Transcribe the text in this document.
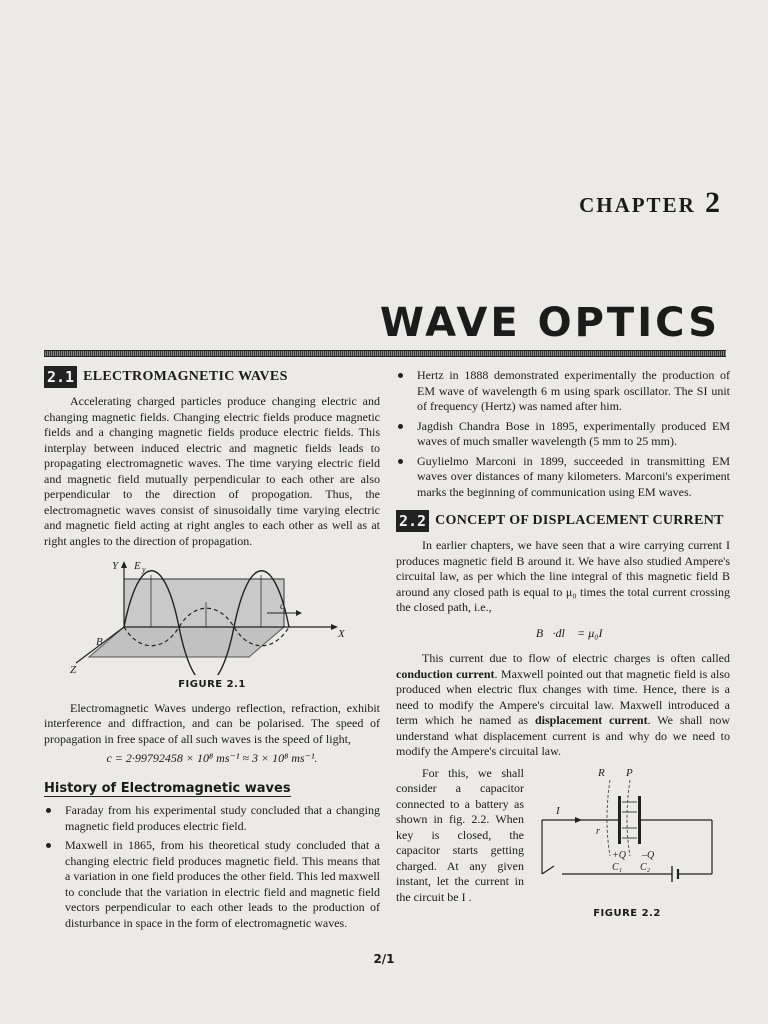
CHAPTER 2
WAVE OPTICS
2.1 ELECTROMAGNETIC WAVES

Accelerating charged particles produce changing electric and changing magnetic fields. Changing electric fields produce magnetic fields and a changing magnetic fields produce electric fields. This interplay between induced electric and magnetic fields leads to propagating electromagnetic waves. The time varying electric field and magnetic field mutually perpendicular to each other are also perpendicular to the direction of propogation. Thus, the electromagnetic waves consist of sinusoidally time varying electric and magnetic field acting at right angles to each other as well as at right angles to the direction of propagation.

Y E y
X
Z
B
c
FIGURE 2.1

Electromagnetic Waves undergo reflection, refraction, exhibit interference and diffraction, and can be polarised. The speed of propagation in free space of all such waves is the speed of light,

c = 2·99792458 × 10⁸ ms⁻¹ ≈ 3 × 10⁸ ms⁻¹.
History of Electromagnetic waves
Faraday from his experimental study concluded that a changing magnetic field produces electric field.
Maxwell in 1865, from his theoretical study concluded that a changing electric field produces magnetic field. This means that a variation in one field produces the other field. This led maxwell to conclude that the variation in electric field and magnetic field vectors perpendicular to each other leads to the production of disturbance in space in the form of electromagnetic waves.
Hertz in 1888 demonstrated experimentally the production of EM wave of wavelength 6 m using spark oscillator. The SI unit of frequency (Hertz) was named after him.
Jagdish Chandra Bose in 1895, experimentally produced EM waves of much smaller wavelength (5 mm to 25 mm).
Guylielmo Marconi in 1899, succeeded in transmitting EM waves over distances of many kilometers. Marconi's experiment marks the beginning of communication using EM waves.
2.2 CONCEPT OF DISPLACEMENT CURRENT

In earlier chapters, we have seen that a wire carrying current I produces magnetic field B around it. We have also studied Ampere's circuital law, as per which the line integral of this magnetic field B around any closed path is equal to μ₀ times the total current crossing the closed path, i.e.,

∮ B⃗·dl⃗ = μ₀I

This current due to flow of electric charges is often called conduction current. Maxwell pointed out that magnetic field is also produced when electric flux changes with time. Hence, there is a need to modify the Ampere's circuital law. Maxwell introduced a term which he named as displacement current. We shall now understand what displacement current is and why do we need to modify the Ampere's circuital law.

For this, we shall consider a capacitor connected to a battery as shown in fig. 2.2. When key is closed, the capacitor starts getting charged. At any given instant, let the current in the circuit be I .

R P
I
r
+Q –Q
C₁ C₂
FIGURE 2.2
2/1
